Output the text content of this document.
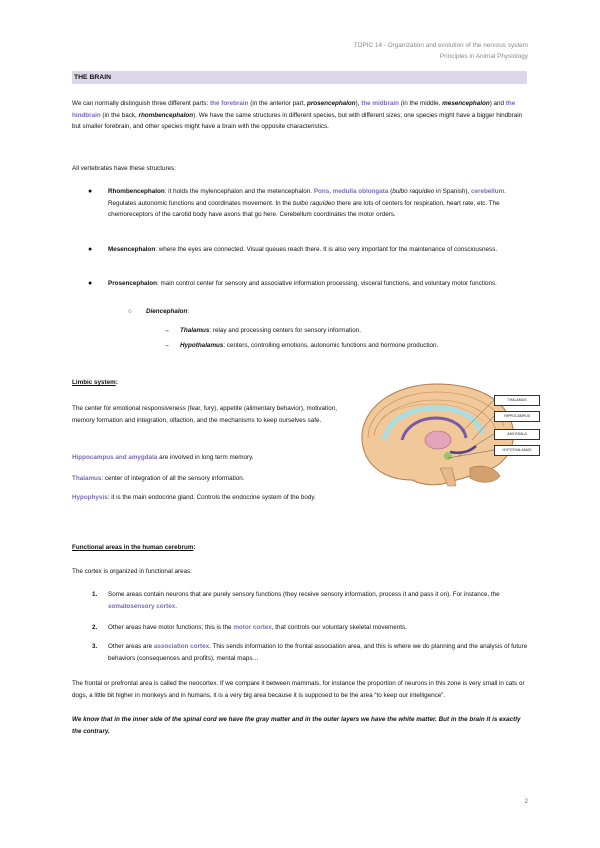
TOPIC 14 - Organization and evolution of the nervous system
Principles in Animal Physiology
THE BRAIN

We can normally distinguish three different parts: the forebrain (in the anterior part, prosencephalon), the midbrain (in the middle, mesencephalon) and the hindbrain (in the back, rhombencephalon). We have the same structures in different species, but with different sizes; one species might have a bigger hindbrain but smaller forebrain, and other species might have a brain with the opposite characteristics.

All vertebrates have these structures:

●	Rhombencephalon: it holds the mylencephalon and the metencephalon. Pons, medulla oblongata (bulbo raquídeo in Spanish), cerebellum. Regulates autonomic functions and coordinates movement. In the bulbo raquídeo there are lots of centers for respiration, heart rate, etc. The chemoreceptors of the carotid body have axons that go here. Cerebellum coordinates the motor orders.

●	Mesencephalon: where the eyes are connected. Visual queues reach there. It is also very important for the maintenance of consciousness.

●	Prosencephalon: main control center for sensory and associative information processing, visceral functions, and voluntary motor functions.

○ Diencephalon:

→ Thalamus: relay and processing centers for sensory information.

→ Hypothalamus: centers, controlling emotions, autonomic functions and hormone production.

Limbic system:

The center for emotional responsiveness (fear, fury), appetite (alimentary behavior), motivation, memory formation and integration, olfaction, and the mechanisms to keep ourselves safe.

Hippocampus and amygdala are involved in long term memory.

Thalamus: center of integration of all the sensory information.

Hypophysis: it is the main endocrine gland. Controls the endocrine system of the body.

THALAMUS
HIPPOCAMPUS
AMYGDALA
HYPOTHALAMUS

Functional areas in the human cerebrum:

The cortex is organized in functional areas:

1. Some areas contain neurons that are purely sensory functions (they receive sensory information, process it and pass it on). For instance, the somatosensory cortex.

2. Other areas have motor functions; this is the motor cortex, that controls our voluntary skeletal movements.

3. Other areas are association cortex. This sends information to the frontal association area, and this is where we do planning and the analysis of future behaviors (consequences and profits), mental maps…

The frontal or prefrontal area is called the neocortex. If we compare it between mammals, for instance the proportion of neurons in this zone is very small in cats or dogs, a little bit higher in monkeys and in humans, it is a very big area because it is supposed to be the area “to keep our intelligence”.

We know that in the inner side of the spinal cord we have the gray matter and in the outer layers we have the white matter. But in the brain it is exactly the contrary.

2
